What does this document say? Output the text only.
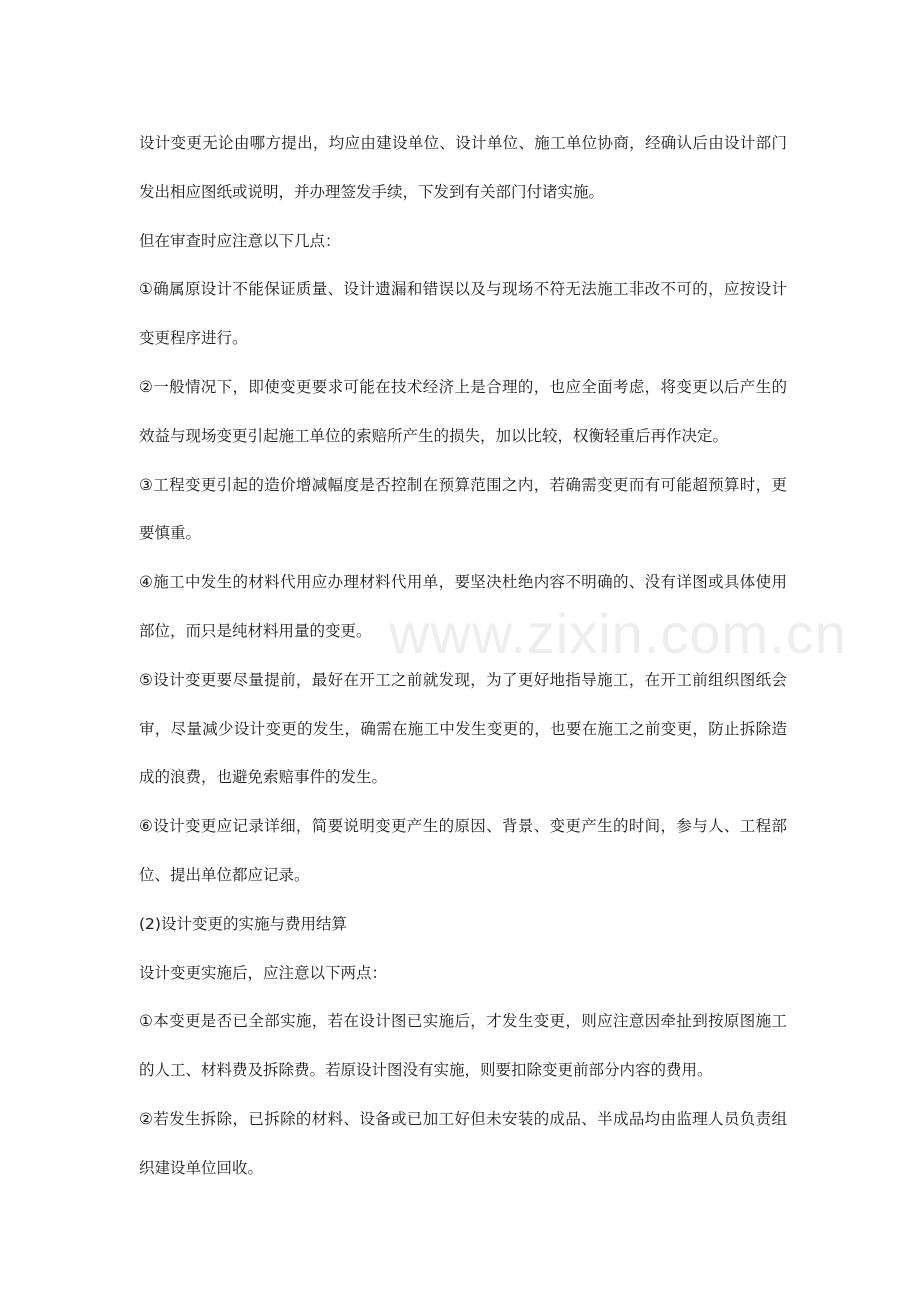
设计变更无论由哪方提出，均应由建设单位、设计单位、施工单位协商，经确认后由设计部门发出相应图纸或说明，并办理签发手续，下发到有关部门付诸实施。

但在审查时应注意以下几点：

①确属原设计不能保证质量、设计遗漏和错误以及与现场不符无法施工非改不可的，应按设计变更程序进行。

②一般情况下，即使变更要求可能在技术经济上是合理的，也应全面考虑，将变更以后产生的效益与现场变更引起施工单位的索赔所产生的损失，加以比较，权衡轻重后再作决定。

③工程变更引起的造价增减幅度是否控制在预算范围之内，若确需变更而有可能超预算时，更要慎重。

④施工中发生的材料代用应办理材料代用单，要坚决杜绝内容不明确的、没有详图或具体使用部位，而只是纯材料用量的变更。

⑤设计变更要尽量提前，最好在开工之前就发现，为了更好地指导施工，在开工前组织图纸会审，尽量减少设计变更的发生，确需在施工中发生变更的，也要在施工之前变更，防止拆除造成的浪费，也避免索赔事件的发生。

⑥设计变更应记录详细，简要说明变更产生的原因、背景、变更产生的时间，参与人、工程部位、提出单位都应记录。

(2)设计变更的实施与费用结算

设计变更实施后，应注意以下两点：

①本变更是否已全部实施，若在设计图已实施后，才发生变更，则应注意因牵扯到按原图施工的人工、材料费及拆除费。若原设计图没有实施，则要扣除变更前部分内容的费用。

②若发生拆除，已拆除的材料、设备或已加工好但未安装的成品、半成品均由监理人员负责组织建设单位回收。

www.zixin.com.cn
